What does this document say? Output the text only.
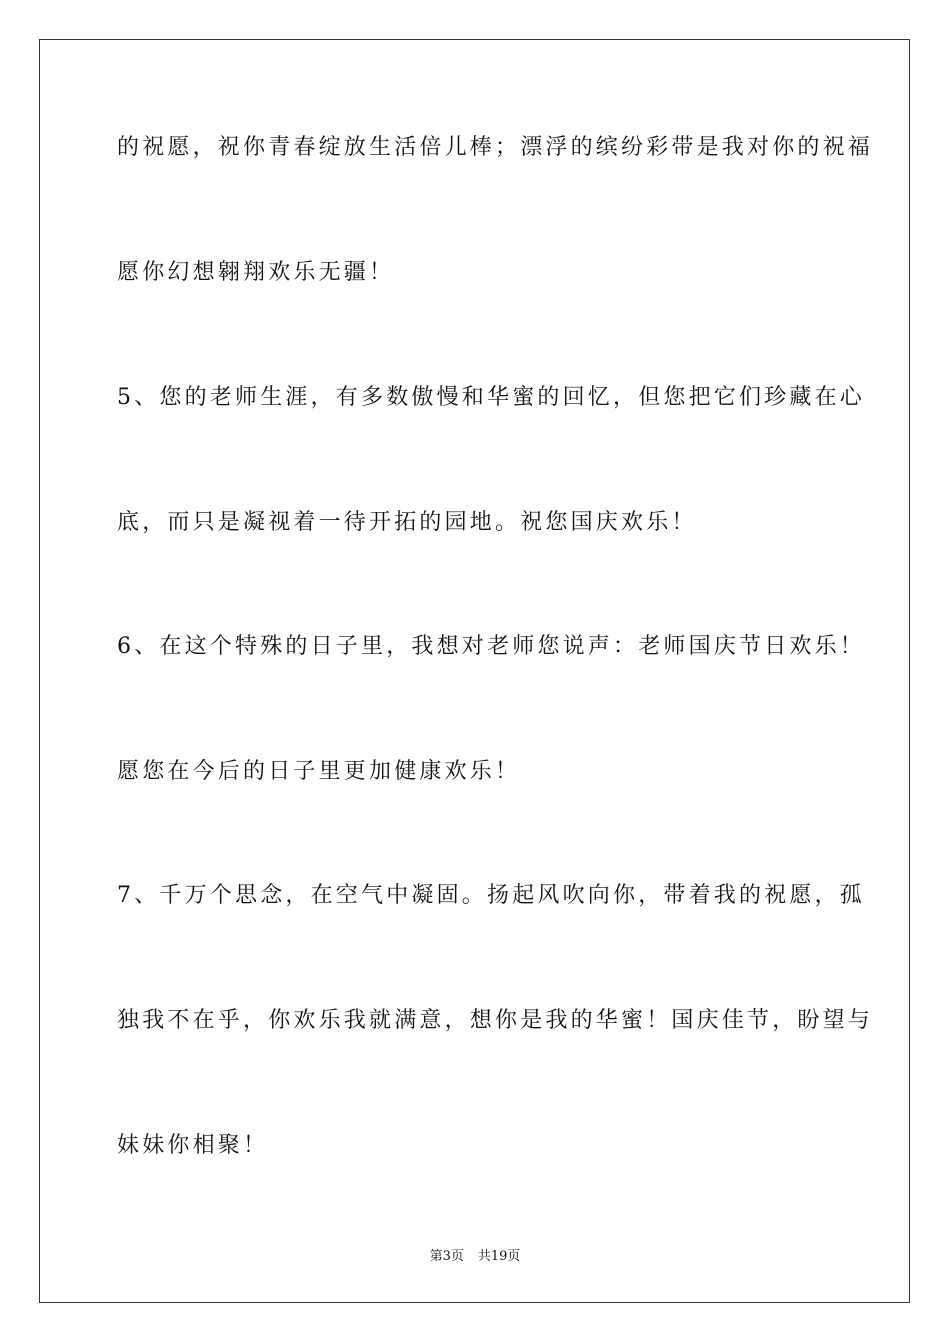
的祝愿，祝你青春绽放生活倍儿棒；漂浮的缤纷彩带是我对你的祝福
愿你幻想翱翔欢乐无疆！
5、您的老师生涯，有多数傲慢和华蜜的回忆，但您把它们珍藏在心
底，而只是凝视着一待开拓的园地。祝您国庆欢乐！
6、在这个特殊的日子里，我想对老师您说声：老师国庆节日欢乐！
愿您在今后的日子里更加健康欢乐！
7、千万个思念，在空气中凝固。扬起风吹向你，带着我的祝愿，孤
独我不在乎，你欢乐我就满意，想你是我的华蜜！国庆佳节，盼望与
妹妹你相聚！
第3页 共19页
